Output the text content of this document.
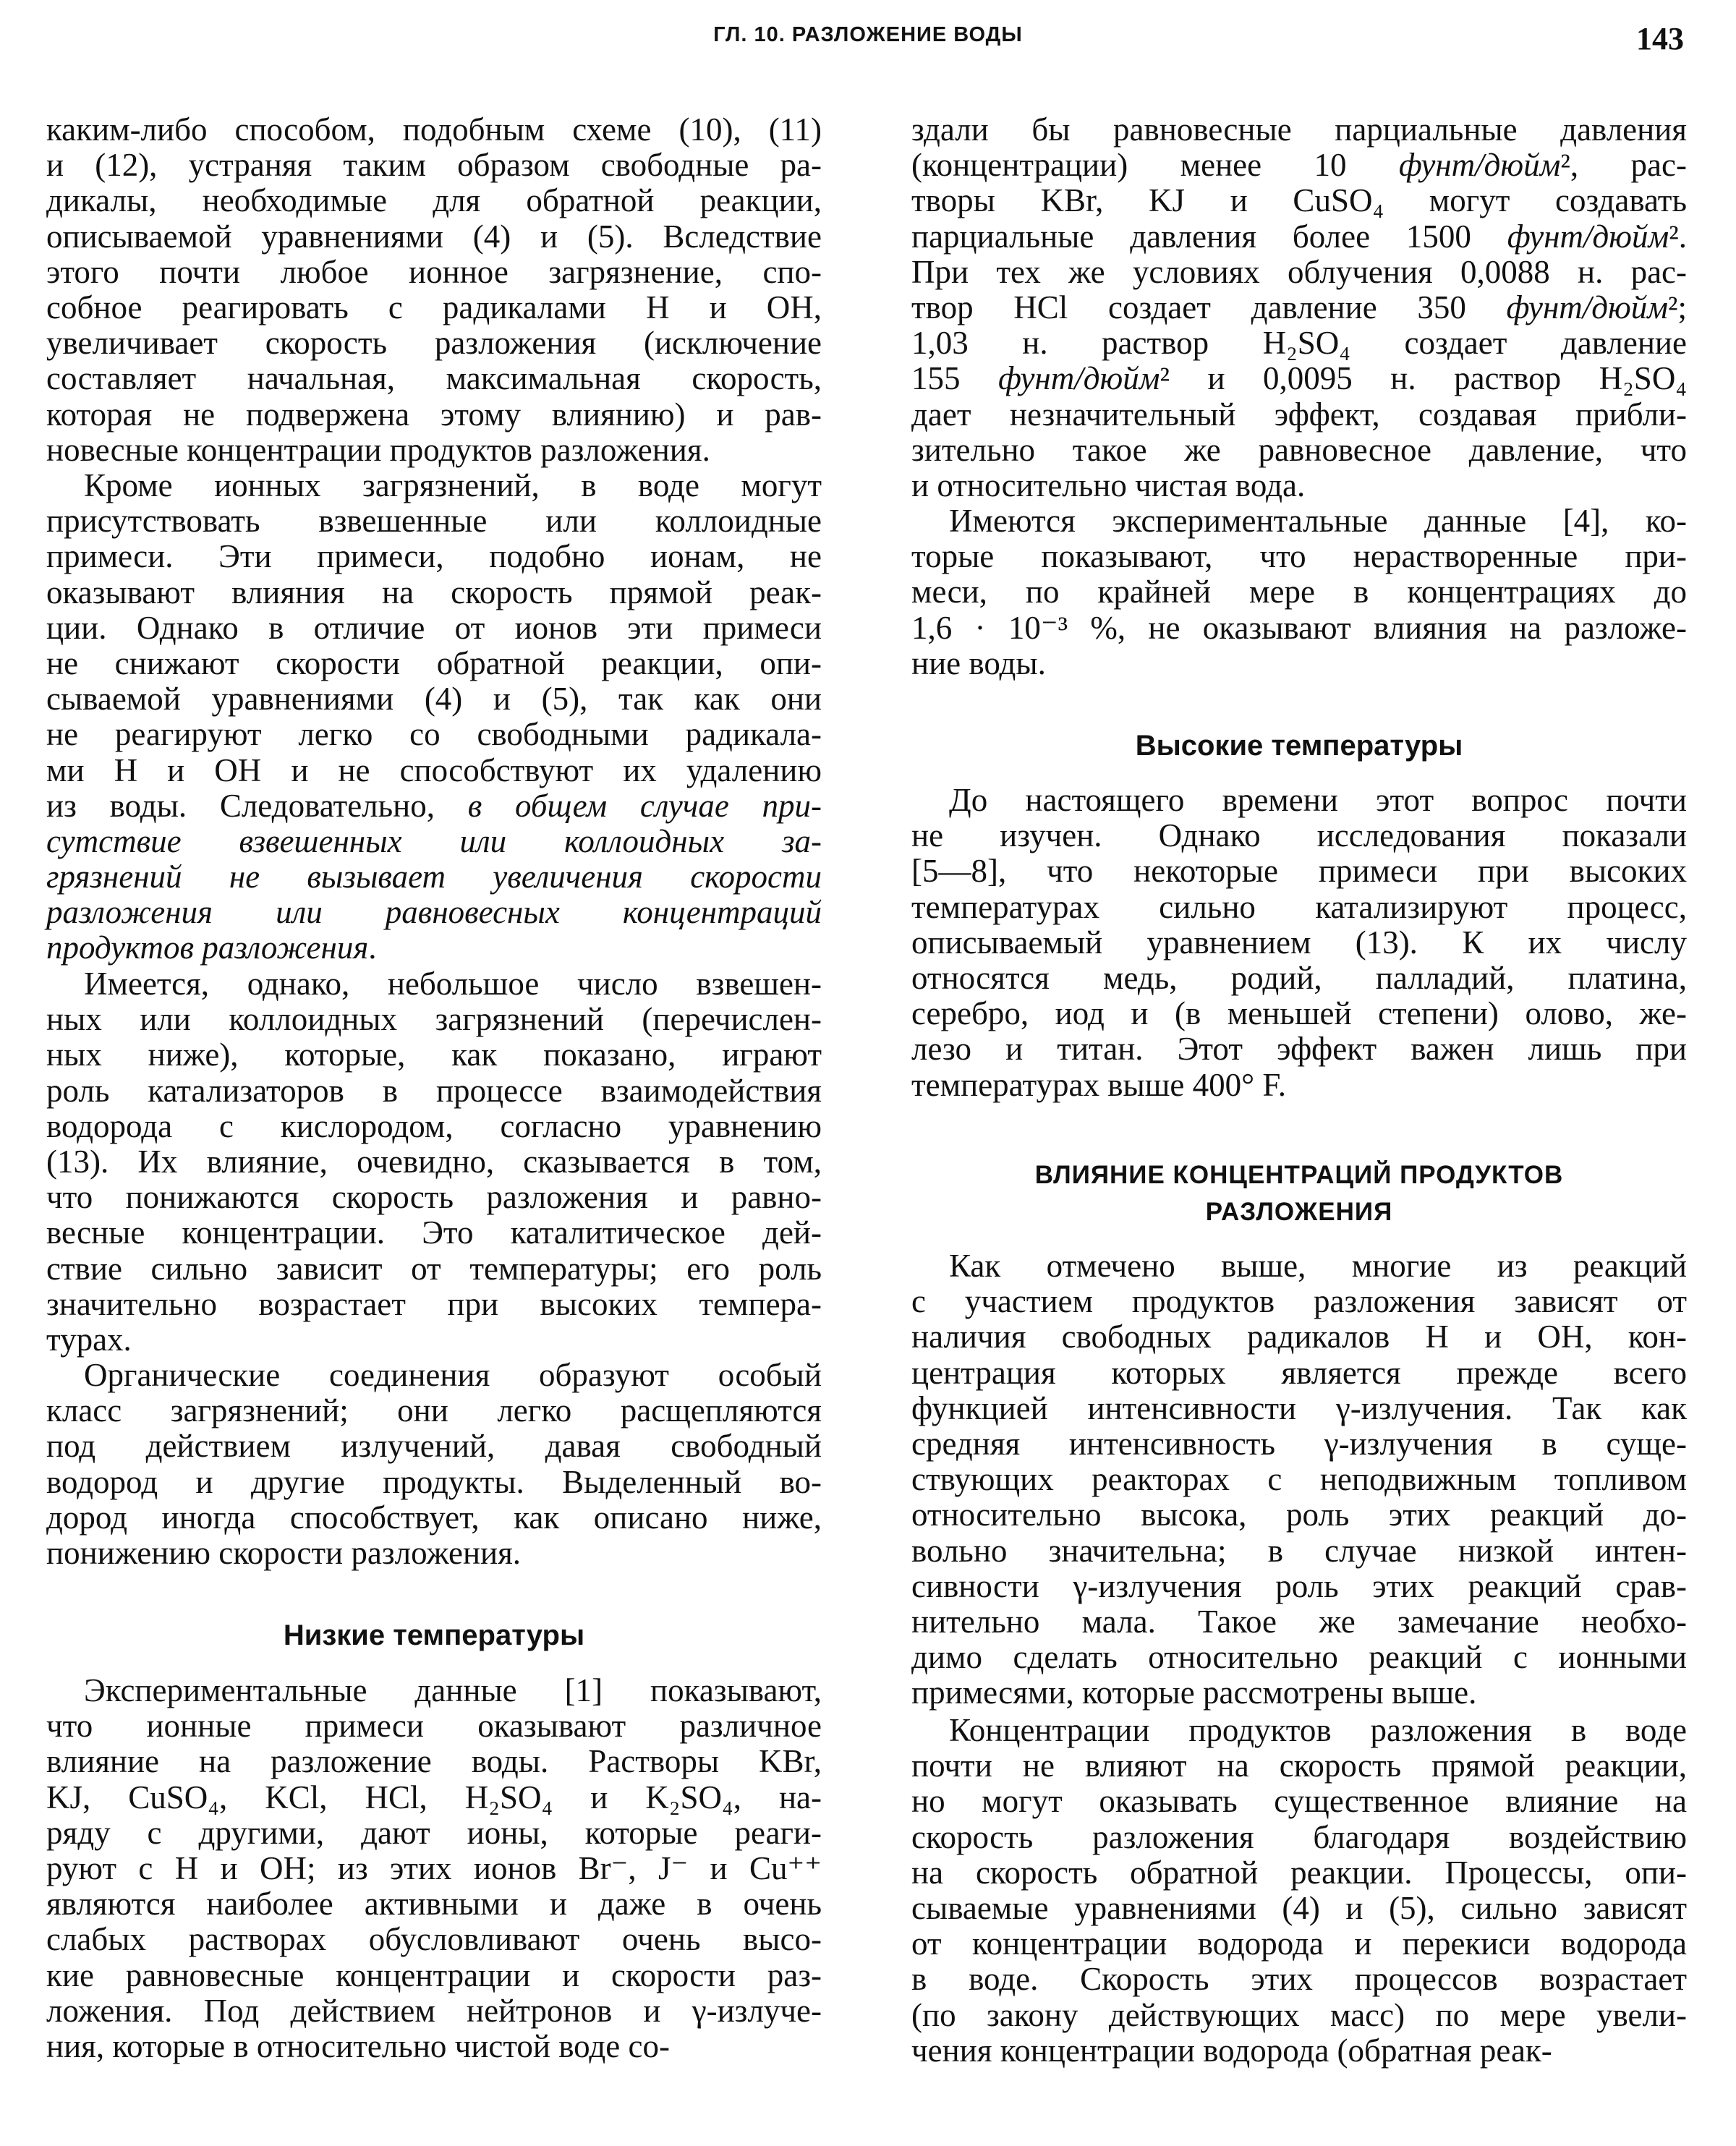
ГЛ. 10. РАЗЛОЖЕНИЕ ВОДЫ	143
каким-либо способом, подобным схеме (10), (11)
и (12), устраняя таким образом свободные ра-
дикалы, необходимые для обратной реакции,
описываемой уравнениями (4) и (5). Вследствие
этого почти любое ионное загрязнение, спо-
собное реагировать с радикалами Н и ОН,
увеличивает скорость разложения (исключение
составляет начальная, максимальная скорость,
которая не подвержена этому влиянию) и рав-
новесные концентрации продуктов разложения.
Кроме ионных загрязнений, в воде могут
присутствовать взвешенные или коллоидные
примеси. Эти примеси, подобно ионам, не
оказывают влияния на скорость прямой реак-
ции. Однако в отличие от ионов эти примеси
не снижают скорости обратной реакции, опи-
сываемой уравнениями (4) и (5), так как они
не реагируют легко со свободными радикала-
ми Н и ОН и не способствуют их удалению
из воды. Следовательно, в общем случае при-
сутствие взвешенных или коллоидных за-
грязнений не вызывает увеличения скорости
разложения или равновесных концентраций
продуктов разложения.
Имеется, однако, небольшое число взвешен-
ных или коллоидных загрязнений (перечислен-
ных ниже), которые, как показано, играют
роль катализаторов в процессе взаимодействия
водорода с кислородом, согласно уравнению
(13). Их влияние, очевидно, сказывается в том,
что понижаются скорость разложения и равно-
весные концентрации. Это каталитическое дей-
ствие сильно зависит от температуры; его роль
значительно возрастает при высоких темпера-
турах.
Органические соединения образуют особый
класс загрязнений; они легко расщепляются
под действием излучений, давая свободный
водород и другие продукты. Выделенный во-
дород иногда способствует, как описано ниже,
понижению скорости разложения.
Низкие температуры
Экспериментальные данные [1] показывают,
что ионные примеси оказывают различное
влияние на разложение воды. Растворы KBr,
KJ, CuSO₄, KCl, HCl, H₂SO₄ и K₂SO₄, на-
ряду с другими, дают ионы, которые реаги-
руют с Н и ОН; из этих ионов Br⁻, J⁻ и Cu⁺⁺
являются наиболее активными и даже в очень
слабых растворах обусловливают очень высо-
кие равновесные концентрации и скорости раз-
ложения. Под действием нейтронов и γ-излуче-
ния, которые в относительно чистой воде со-
здали бы равновесные парциальные давления
(концентрации) менее 10 фунт/дюйм², рас-
творы KBr, KJ и CuSO₄ могут создавать
парциальные давления более 1500 фунт/дюйм².
При тех же условиях облучения 0,0088 н. рас-
твор HCl создает давление 350 фунт/дюйм²;
1,03 н. раствор H₂SO₄ создает давление
155 фунт/дюйм² и 0,0095 н. раствор H₂SO₄
дает незначительный эффект, создавая прибли-
зительно такое же равновесное давление, что
и относительно чистая вода.
Имеются экспериментальные данные [4], ко-
торые показывают, что нерастворенные при-
меси, по крайней мере в концентрациях до
1,6 · 10⁻³ %, не оказывают влияния на разложе-
ние воды.
Высокие температуры
До настоящего времени этот вопрос почти
не изучен. Однако исследования показали
[5—8], что некоторые примеси при высоких
температурах сильно катализируют процесс,
описываемый уравнением (13). К их числу
относятся медь, родий, палладий, платина,
серебро, иод и (в меньшей степени) олово, же-
лезо и титан. Этот эффект важен лишь при
температурах выше 400° F.
ВЛИЯНИЕ КОНЦЕНТРАЦИЙ ПРОДУКТОВ
РАЗЛОЖЕНИЯ
Как отмечено выше, многие из реакций
с участием продуктов разложения зависят от
наличия свободных радикалов Н и ОН, кон-
центрация которых является прежде всего
функцией интенсивности γ-излучения. Так как
средняя интенсивность γ-излучения в суще-
ствующих реакторах с неподвижным топливом
относительно высока, роль этих реакций до-
вольно значительна; в случае низкой интен-
сивности γ-излучения роль этих реакций срав-
нительно мала. Такое же замечание необхо-
димо сделать относительно реакций с ионными
примесями, которые рассмотрены выше.
Концентрации продуктов разложения в воде
почти не влияют на скорость прямой реакции,
но могут оказывать существенное влияние на
скорость разложения благодаря воздействию
на скорость обратной реакции. Процессы, опи-
сываемые уравнениями (4) и (5), сильно зависят
от концентрации водорода и перекиси водорода
в воде. Скорость этих процессов возрастает
(по закону действующих масс) по мере увели-
чения концентрации водорода (обратная реак-
